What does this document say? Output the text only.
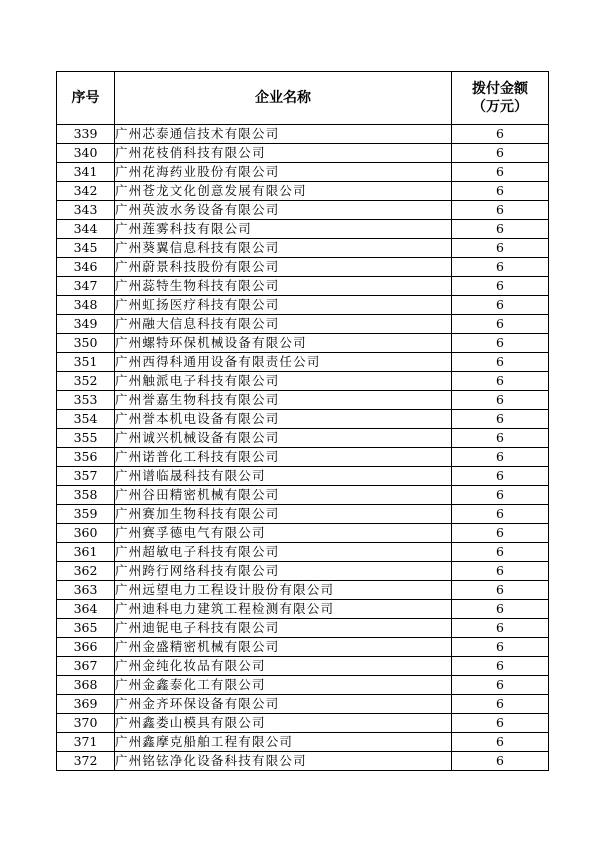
序号	企业名称	拨付金额
（万元）

339	广州芯泰通信技术有限公司	6
340	广州花枝俏科技有限公司	6
341	广州花海药业股份有限公司	6
342	广州苍龙文化创意发展有限公司	6
343	广州英波水务设备有限公司	6
344	广州莲雾科技有限公司	6
345	广州葵翼信息科技有限公司	6
346	广州蔚景科技股份有限公司	6
347	广州蕊特生物科技有限公司	6
348	广州虹扬医疗科技有限公司	6
349	广州融大信息科技有限公司	6
350	广州螺特环保机械设备有限公司	6
351	广州西得科通用设备有限责任公司	6
352	广州触派电子科技有限公司	6
353	广州誉嘉生物科技有限公司	6
354	广州誉本机电设备有限公司	6
355	广州诚兴机械设备有限公司	6
356	广州诺普化工科技有限公司	6
357	广州谱临晟科技有限公司	6
358	广州谷田精密机械有限公司	6
359	广州赛加生物科技有限公司	6
360	广州赛孚德电气有限公司	6
361	广州超敏电子科技有限公司	6
362	广州跨行网络科技有限公司	6
363	广州远望电力工程设计股份有限公司	6
364	广州迪科电力建筑工程检测有限公司	6
365	广州迪铌电子科技有限公司	6
366	广州金盛精密机械有限公司	6
367	广州金纯化妆品有限公司	6
368	广州金鑫泰化工有限公司	6
369	广州金齐环保设备有限公司	6
370	广州鑫娄山模具有限公司	6
371	广州鑫摩克船舶工程有限公司	6
372	广州铭铉净化设备科技有限公司	6
